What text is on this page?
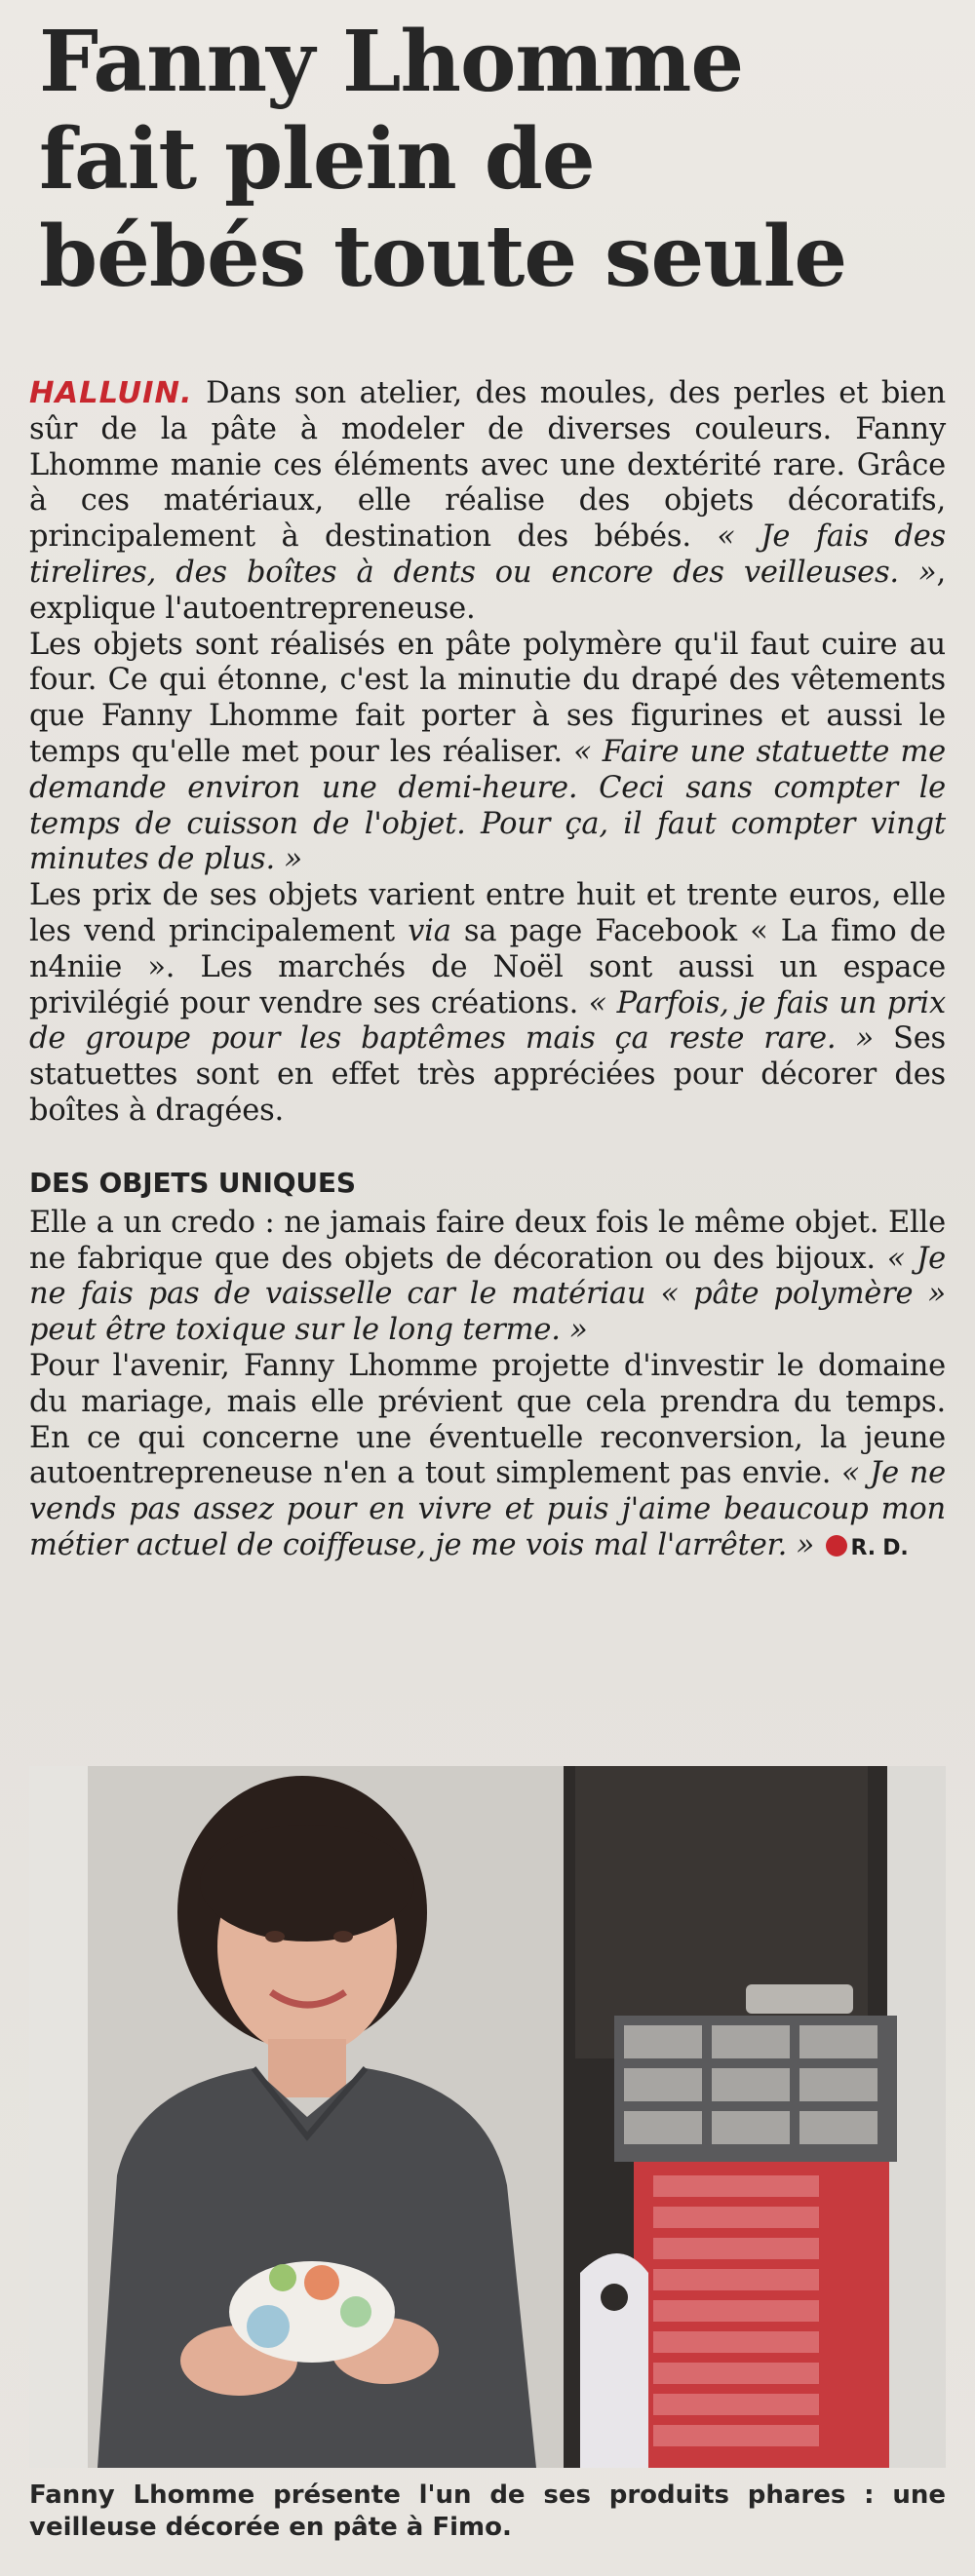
Fanny Lhomme
fait plein de
bébés toute seule

HALLUIN. Dans son atelier, des moules, des perles et bien sûr de la pâte à modeler de diverses couleurs. Fanny Lhomme manie ces éléments avec une dextérité rare. Grâce à ces matériaux, elle réalise des objets décoratifs, principalement à destination des bébés. « Je fais des tirelires, des boîtes à dents ou encore des veilleuses. », explique l'autoentrepreneuse.

Les objets sont réalisés en pâte polymère qu'il faut cuire au four. Ce qui étonne, c'est la minutie du drapé des vêtements que Fanny Lhomme fait porter à ses figurines et aussi le temps qu'elle met pour les réaliser. « Faire une statuette me demande environ une demi-heure. Ceci sans compter le temps de cuisson de l'objet. Pour ça, il faut compter vingt minutes de plus. »

Les prix de ses objets varient entre huit et trente euros, elle les vend principalement via sa page Facebook « La fimo de n4niie ». Les marchés de Noël sont aussi un espace privilégié pour vendre ses créations. « Parfois, je fais un prix de groupe pour les baptêmes mais ça reste rare. » Ses statuettes sont en effet très appréciées pour décorer des boîtes à dragées.

DES OBJETS UNIQUES

Elle a un credo : ne jamais faire deux fois le même objet. Elle ne fabrique que des objets de décoration ou des bijoux. « Je ne fais pas de vaisselle car le matériau « pâte polymère » peut être toxique sur le long terme. »

Pour l'avenir, Fanny Lhomme projette d'investir le domaine du mariage, mais elle prévient que cela prendra du temps. En ce qui concerne une éventuelle reconversion, la jeune autoentrepreneuse n'en a tout simplement pas envie. « Je ne vends pas assez pour en vivre et puis j'aime beaucoup mon métier actuel de coiffeuse, je me vois mal l'arrêter. » R. D.

Fanny Lhomme présente l'un de ses produits phares : une veilleuse décorée en pâte à Fimo.
